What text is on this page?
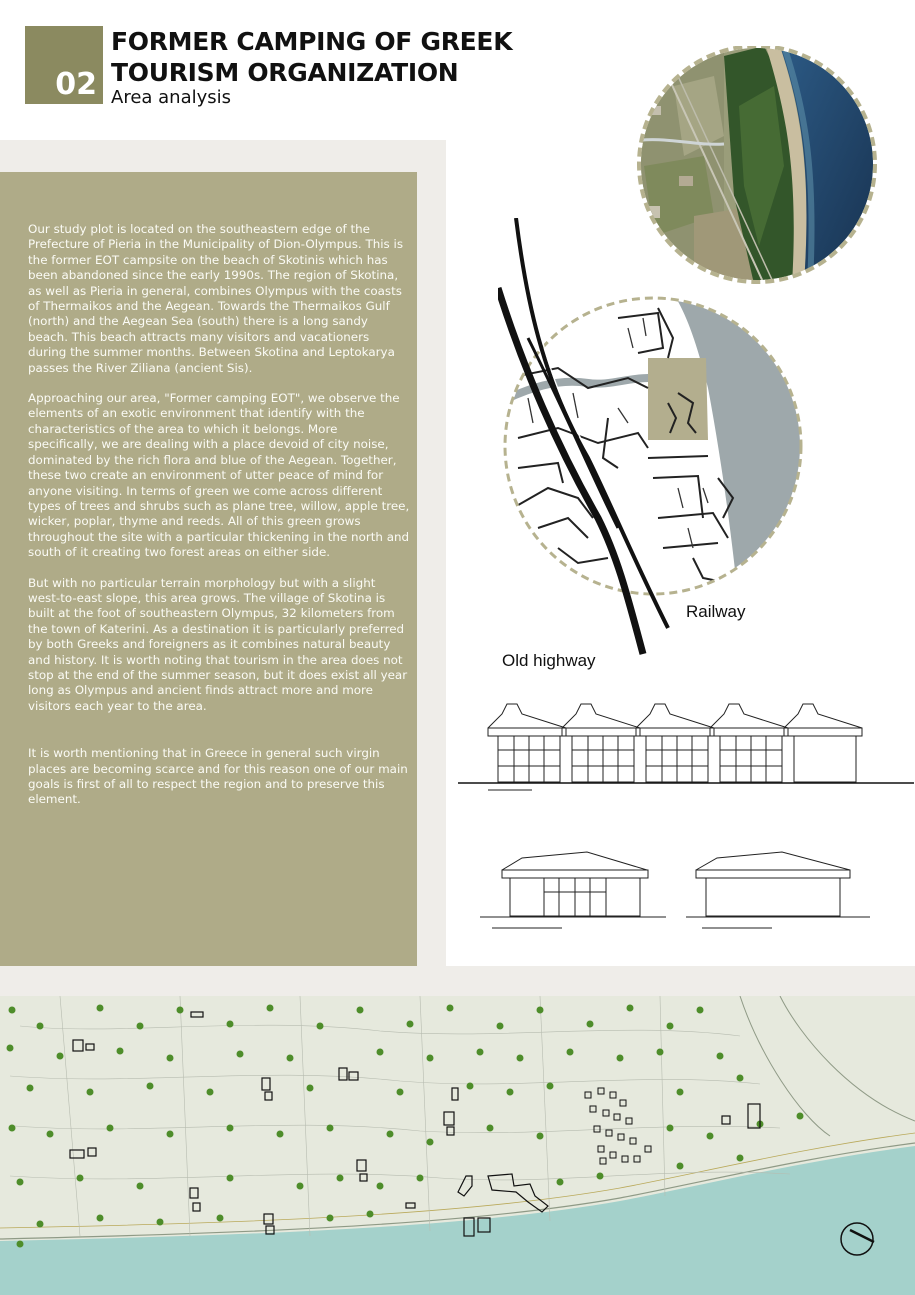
02
FORMER CAMPING OF GREEK TOURISM ORGANIZATION
Area analysis
Railway
Old highway

Our study plot is located on the southeastern edge of the Prefecture of Pieria in the Municipality of Dion-Olympus. This is the former EOT campsite on the beach of Skotinis which has been abandoned since the early 1990s. The region of Skotina, as well as Pieria in general, combines Olympus with the coasts of Thermaikos and the Aegean. Towards the Thermaikos Gulf (north) and the Aegean Sea (south) there is a long sandy beach. This beach attracts many visitors and vacationers during the summer months. Between Skotina and Leptokarya passes the River Ziliana (ancient Sis).

Approaching our area, "Former camping EOT", we observe the elements of an exotic environment that identify with the characteristics of the area to which it belongs. More specifically, we are dealing with a place devoid of city noise, dominated by the rich flora and blue of the Aegean. Together, these two create an environment of utter peace of mind for anyone visiting. In terms of green we come across different types of trees and shrubs such as plane tree, willow, apple tree, wicker, poplar, thyme and reeds. All of this green grows throughout the site with a particular thickening in the north and south of it creating two forest areas on either side.

But with no particular terrain morphology but with a slight west-to-east slope, this area grows. The village of Skotina is built at the foot of southeastern Olympus, 32 kilometers from the town of Katerini. As a destination it is particularly preferred by both Greeks and foreigners as it combines natural beauty and history. It is worth noting that tourism in the area does not stop at the end of the summer season, but it does exist all year long as Olympus and ancient finds attract more and more visitors each year to the area.

It is worth mentioning that in Greece in general such virgin places are becoming scarce and for this reason one of our main goals is first of all to respect the region and to preserve this element.
